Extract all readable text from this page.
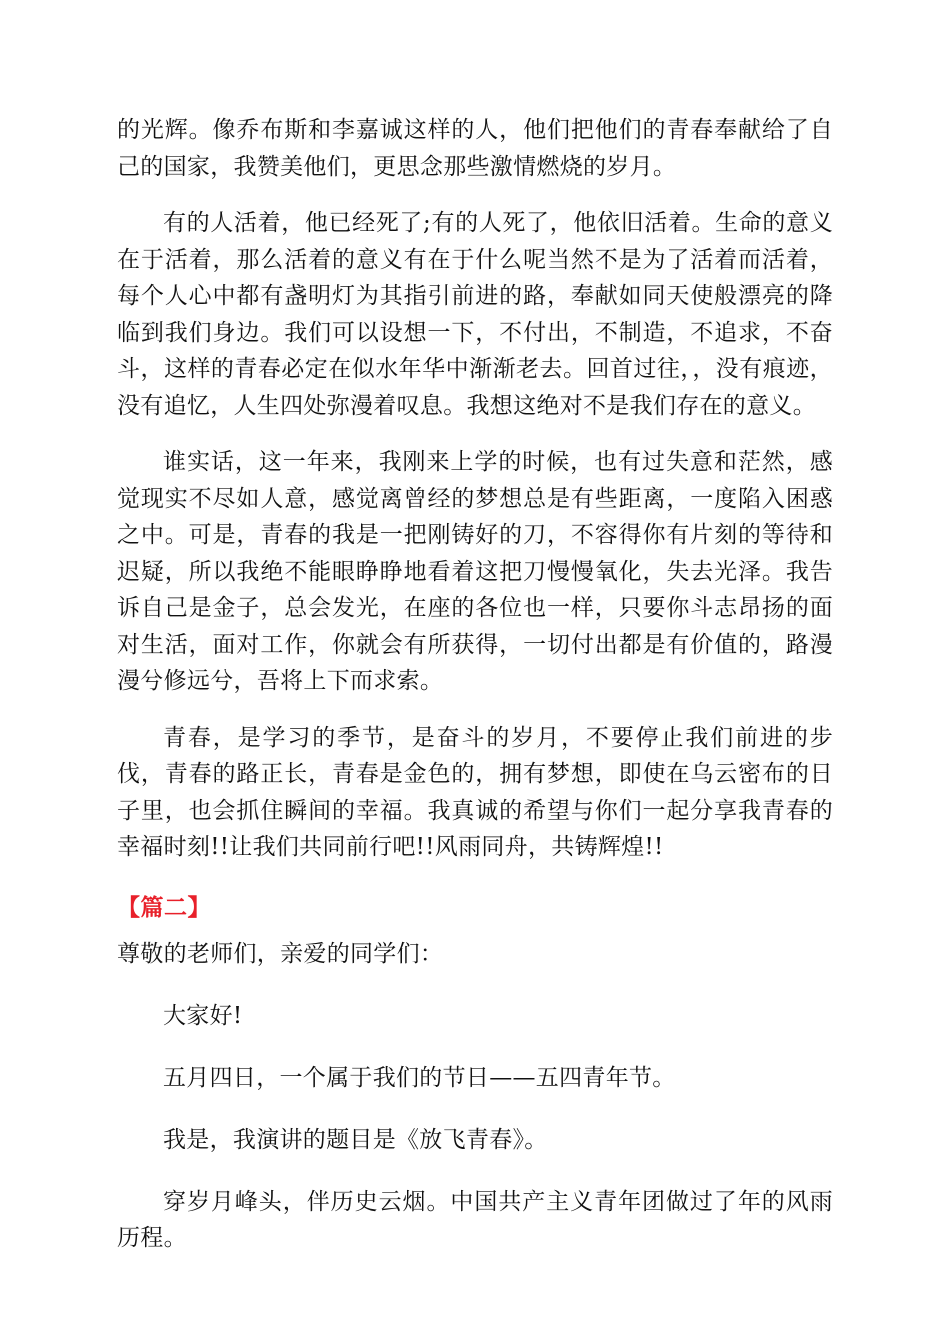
的光辉。像乔布斯和李嘉诚这样的人，他们把他们的青春奉献给了自己的国家，我赞美他们，更思念那些激情燃烧的岁月。

有的人活着，他已经死了;有的人死了，他依旧活着。生命的意义在于活着，那么活着的意义有在于什么呢当然不是为了活着而活着，每个人心中都有盏明灯为其指引前进的路，奉献如同天使般漂亮的降临到我们身边。我们可以设想一下，不付出，不制造，不追求，不奋斗，这样的青春必定在似水年华中渐渐老去。回首过往，，没有痕迹，没有追忆，人生四处弥漫着叹息。我想这绝对不是我们存在的意义。

谁实话，这一年来，我刚来上学的时候，也有过失意和茫然，感觉现实不尽如人意，感觉离曾经的梦想总是有些距离，一度陷入困惑之中。可是，青春的我是一把刚铸好的刀，不容得你有片刻的等待和迟疑，所以我绝不能眼睁睁地看着这把刀慢慢氧化，失去光泽。我告诉自己是金子，总会发光，在座的各位也一样，只要你斗志昂扬的面对生活，面对工作，你就会有所获得，一切付出都是有价值的，路漫漫兮修远兮，吾将上下而求索。

青春，是学习的季节，是奋斗的岁月，不要停止我们前进的步伐，青春的路正长，青春是金色的，拥有梦想，即使在乌云密布的日子里，也会抓住瞬间的幸福。我真诚的希望与你们一起分享我青春的幸福时刻!!让我们共同前行吧!!风雨同舟，共铸辉煌!!

【篇二】

尊敬的老师们，亲爱的同学们：

大家好!

五月四日，一个属于我们的节日——五四青年节。

我是，我演讲的题目是《放飞青春》。

穿岁月峰头，伴历史云烟。中国共产主义青年团做过了年的风雨历程。
